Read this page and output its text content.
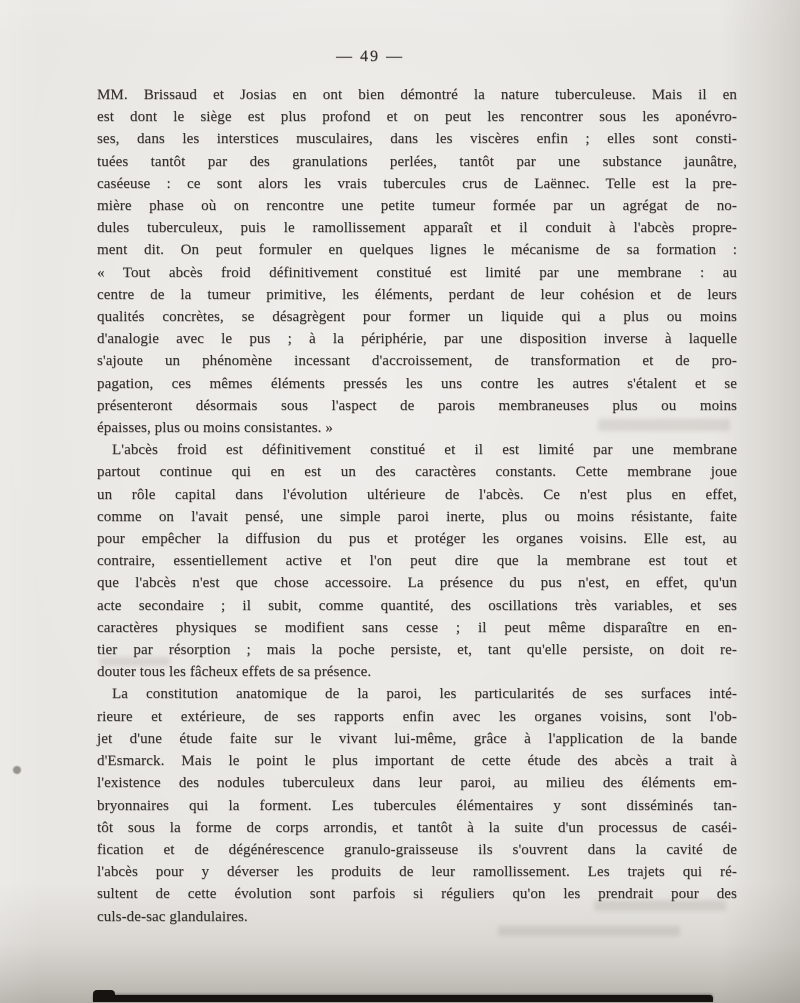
— 49 —
MM. Brissaud et Josias en ont bien démontré la nature tuberculeuse. Mais il en
est dont le siège est plus profond et on peut les rencontrer sous les aponévro-
ses, dans les interstices musculaires, dans les viscères enfin ; elles sont consti-
tuées tantôt par des granulations perlées, tantôt par une substance jaunâtre,
caséeuse : ce sont alors les vrais tubercules crus de Laënnec. Telle est la pre-
mière phase où on rencontre une petite tumeur formée par un agrégat de no-
dules tuberculeux, puis le ramollissement apparaît et il conduit à l'abcès propre-
ment dit. On peut formuler en quelques lignes le mécanisme de sa formation :
« Tout abcès froid définitivement constitué est limité par une membrane : au
centre de la tumeur primitive, les éléments, perdant de leur cohésion et de leurs
qualités concrètes, se désagrègent pour former un liquide qui a plus ou moins
d'analogie avec le pus ; à la périphérie, par une disposition inverse à laquelle
s'ajoute un phénomène incessant d'accroissement, de transformation et de pro-
pagation, ces mêmes éléments pressés les uns contre les autres s'étalent et se
présenteront désormais sous l'aspect de parois membraneuses plus ou moins
épaisses, plus ou moins consistantes. »
L'abcès froid est définitivement constitué et il est limité par une membrane
partout continue qui en est un des caractères constants. Cette membrane joue
un rôle capital dans l'évolution ultérieure de l'abcès. Ce n'est plus en effet,
comme on l'avait pensé, une simple paroi inerte, plus ou moins résistante, faite
pour empêcher la diffusion du pus et protéger les organes voisins. Elle est, au
contraire, essentiellement active et l'on peut dire que la membrane est tout et
que l'abcès n'est que chose accessoire. La présence du pus n'est, en effet, qu'un
acte secondaire ; il subit, comme quantité, des oscillations très variables, et ses
caractères physiques se modifient sans cesse ; il peut même disparaître en en-
tier par résorption ; mais la poche persiste, et, tant qu'elle persiste, on doit re-
douter tous les fâcheux effets de sa présence.
La constitution anatomique de la paroi, les particularités de ses surfaces inté-
rieure et extérieure, de ses rapports enfin avec les organes voisins, sont l'ob-
jet d'une étude faite sur le vivant lui-même, grâce à l'application de la bande
d'Esmarck. Mais le point le plus important de cette étude des abcès a trait à
l'existence des nodules tuberculeux dans leur paroi, au milieu des éléments em-
bryonnaires qui la forment. Les tubercules élémentaires y sont disséminés tan-
tôt sous la forme de corps arrondis, et tantôt à la suite d'un processus de caséi-
fication et de dégénérescence granulo-graisseuse ils s'ouvrent dans la cavité de
l'abcès pour y déverser les produits de leur ramollissement. Les trajets qui ré-
sultent de cette évolution sont parfois si réguliers qu'on les prendrait pour des
culs-de-sac glandulaires.
